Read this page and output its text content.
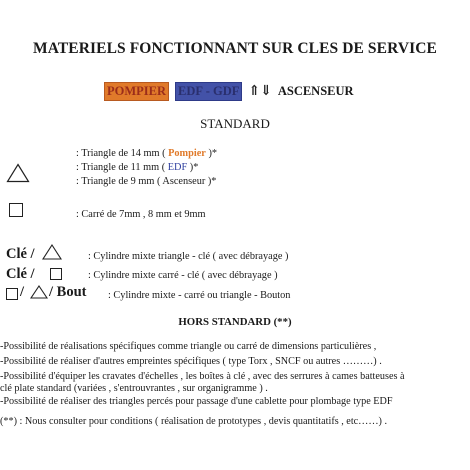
MATERIELS FONCTIONNANT SUR CLES DE SERVICE
POMPIER EDF - GDF ⇑⇓ ASCENSEUR
STANDARD
: Triangle de 14 mm ( Pompier )*
: Triangle de 11 mm ( EDF )*
: Triangle de 9 mm ( Ascenseur )*
: Carré de 7mm , 8 mm et 9mm
Clé /	: Cylindre mixte triangle - clé ( avec débrayage )
Clé /	: Cylindre mixte carré - clé ( avec débrayage )
/ / Bout : Cylindre mixte - carré ou triangle - Bouton
HORS STANDARD (**)
-Possibilité de réalisations spécifiques comme triangle ou carré de dimensions particulières ,
-Possibilité de réaliser d'autres empreintes spécifiques ( type Torx , SNCF ou autres ………) .
-Possibilité d'équiper les cravates d'échelles , les boîtes à clé , avec des serrures à cames batteuses à
clé plate standard (variées , s'entrouvrantes , sur organigramme ) .
-Possibilité de réaliser des triangles percés pour passage d'une cablette pour plombage type EDF
(**) : Nous consulter pour conditions ( réalisation de prototypes , devis quantitatifs , etc……) .
